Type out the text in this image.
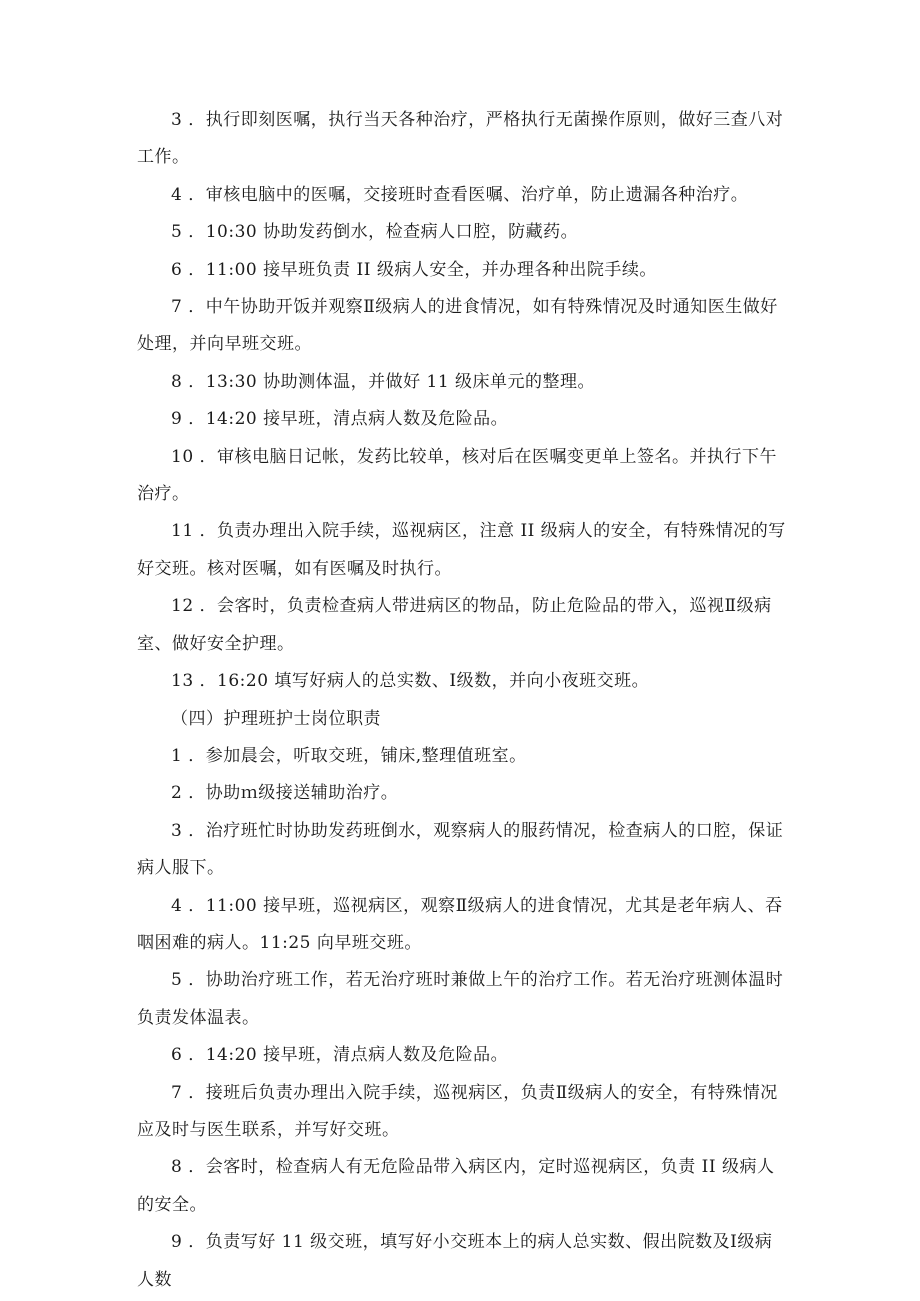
3 ．执行即刻医嘱，执行当天各种治疗，严格执行无菌操作原则，做好三查八对工作。

4 ．审核电脑中的医嘱，交接班时查看医嘱、治疗单，防止遗漏各种治疗。

5 ．10:30 协助发药倒水，检查病人口腔，防藏药。

6 ．11:00 接早班负责 II 级病人安全，并办理各种出院手续。

7 ．中午协助开饭并观察Ⅱ级病人的进食情况，如有特殊情况及时通知医生做好处理，并向早班交班。

8 ．13:30 协助测体温，并做好 11 级床单元的整理。

9 ．14:20 接早班，清点病人数及危险品。

10 ．审核电脑日记帐，发药比较单，核对后在医嘱变更单上签名。并执行下午治疗。

11 ．负责办理出入院手续，巡视病区，注意 II 级病人的安全，有特殊情况的写好交班。核对医嘱，如有医嘱及时执行。

12 ．会客时，负责检查病人带进病区的物品，防止危险品的带入，巡视Ⅱ级病室、做好安全护理。

13 ．16:20 填写好病人的总实数、Ⅰ级数，并向小夜班交班。

（四）护理班护士岗位职责

1 ．参加晨会，听取交班，铺床,整理值班室。

2 ．协助ｍ级接送辅助治疗。

3 ．治疗班忙时协助发药班倒水，观察病人的服药情况，检查病人的口腔，保证病人服下。

4 ．11:00 接早班，巡视病区，观察Ⅱ级病人的进食情况，尤其是老年病人、吞咽困难的病人。11:25 向早班交班。

5 ．协助治疗班工作，若无治疗班时兼做上午的治疗工作。若无治疗班测体温时负责发体温表。

6 ．14:20 接早班，清点病人数及危险品。

7 ．接班后负责办理出入院手续，巡视病区，负责Ⅱ级病人的安全，有特殊情况应及时与医生联系，并写好交班。

8 ．会客时，检查病人有无危险品带入病区内，定时巡视病区，负责 II 级病人的安全。

9 ．负责写好 11 级交班，填写好小交班本上的病人总实数、假出院数及Ⅰ级病人数
